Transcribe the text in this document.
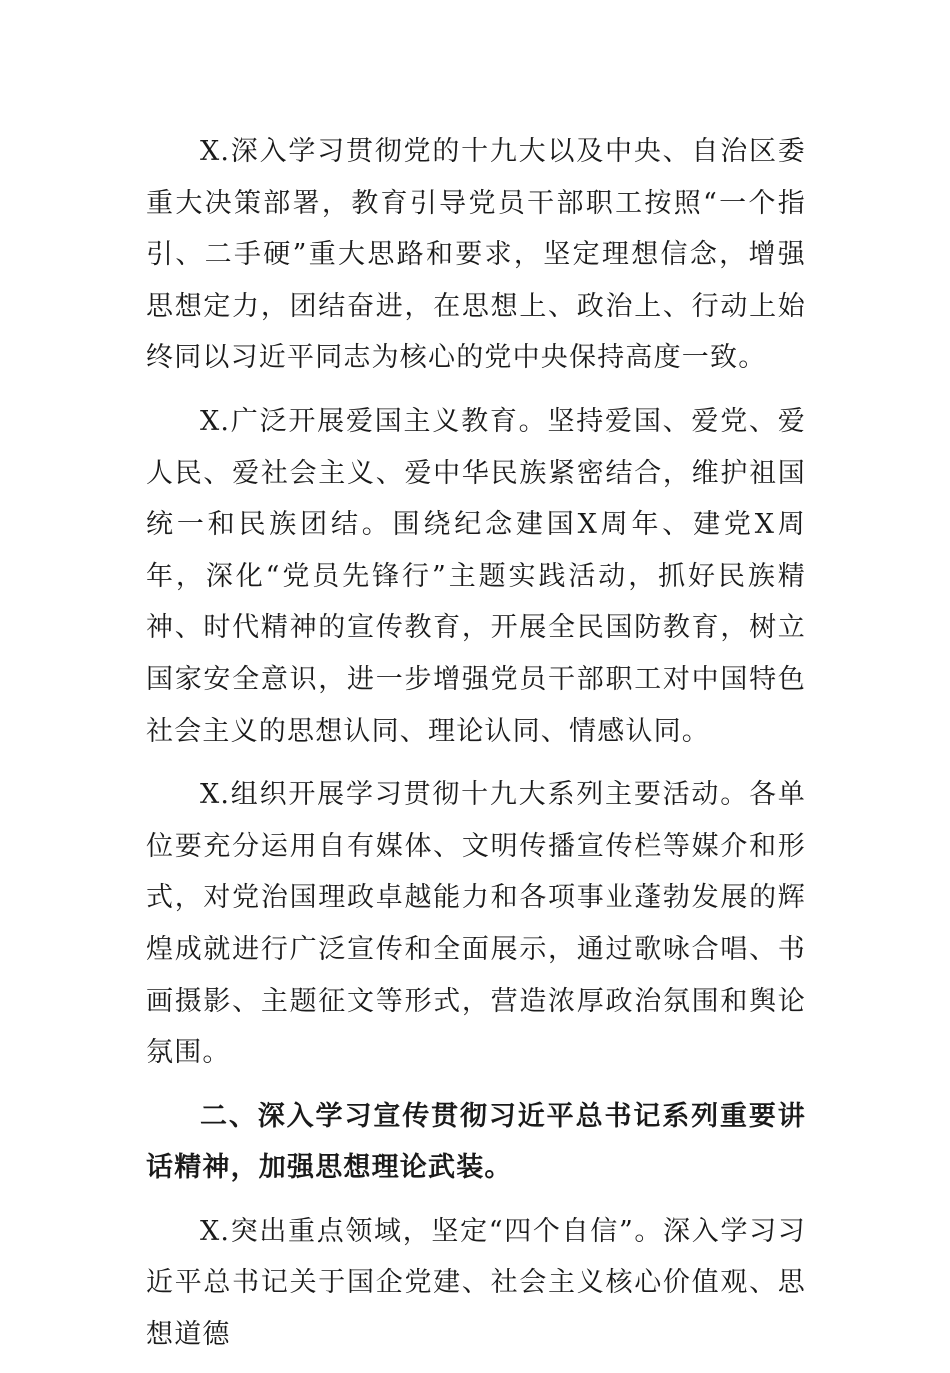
X.深入学习贯彻党的十九大以及中央、自治区委重大决策部署，教育引导党员干部职工按照“一个指引、二手硬”重大思路和要求，坚定理想信念，增强思想定力，团结奋进，在思想上、政治上、行动上始终同以习近平同志为核心的党中央保持高度一致。

X.广泛开展爱国主义教育。坚持爱国、爱党、爱人民、爱社会主义、爱中华民族紧密结合，维护祖国统一和民族团结。围绕纪念建国X周年、建党X周年，深化“党员先锋行”主题实践活动，抓好民族精神、时代精神的宣传教育，开展全民国防教育，树立国家安全意识，进一步增强党员干部职工对中国特色社会主义的思想认同、理论认同、情感认同。

X.组织开展学习贯彻十九大系列主要活动。各单位要充分运用自有媒体、文明传播宣传栏等媒介和形式，对党治国理政卓越能力和各项事业蓬勃发展的辉煌成就进行广泛宣传和全面展示，通过歌咏合唱、书画摄影、主题征文等形式，营造浓厚政治氛围和舆论氛围。

二、深入学习宣传贯彻习近平总书记系列重要讲话精神，加强思想理论武装。

X.突出重点领域，坚定“四个自信”。深入学习习近平总书记关于国企党建、社会主义核心价值观、思想道德
